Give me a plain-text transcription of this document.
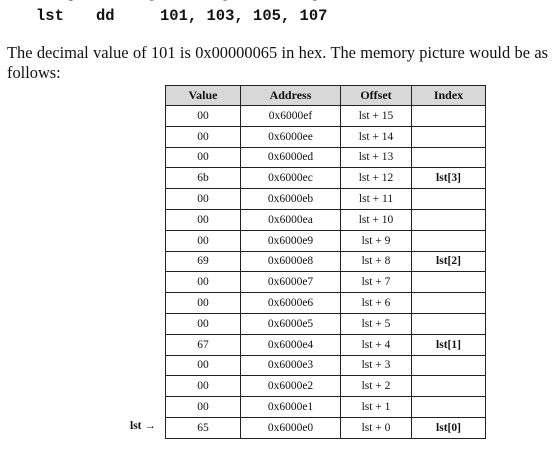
lst dd	101, 103, 105, 107

The decimal value of 101 is 0x00000065 in hex. The memory picture would be as follows:

Value	Address	Offset	Index
00	0x6000ef	lst + 15	
00	0x6000ee	lst + 14	
00	0x6000ed	lst + 13	
6b	0x6000ec	lst + 12	lst[3]
00	0x6000eb	lst + 11	
00	0x6000ea	lst + 10	
00	0x6000e9	lst + 9	
69	0x6000e8	lst + 8	lst[2]
00	0x6000e7	lst + 7	
00	0x6000e6	lst + 6	
00	0x6000e5	lst + 5	
67	0x6000e4	lst + 4	lst[1]
00	0x6000e3	lst + 3	
00	0x6000e2	lst + 2	
00	0x6000e1	lst + 1	
65	0x6000e0	lst + 0	lst[0]
lst →
